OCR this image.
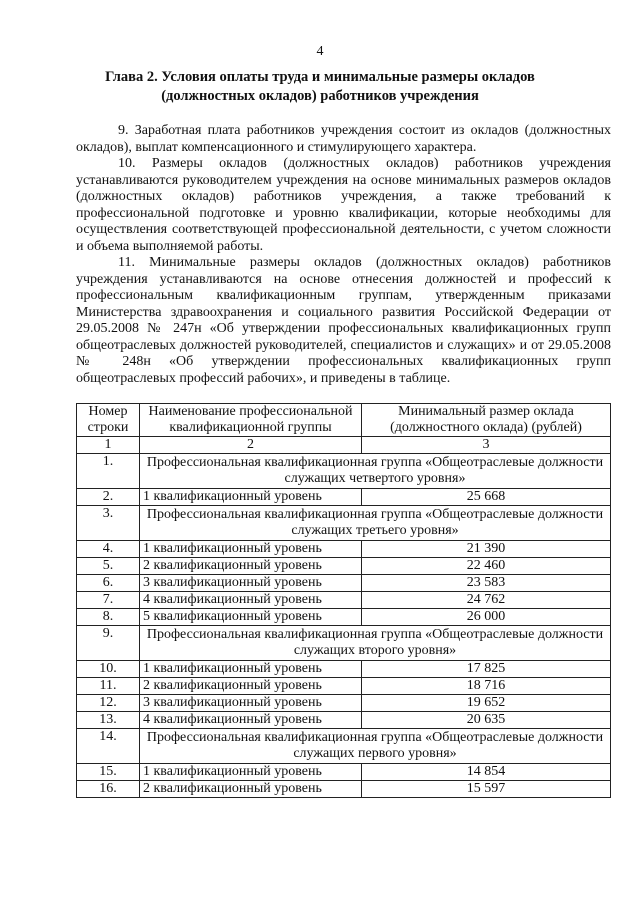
4
Глава 2. Условия оплаты труда и минимальные размеры окладов (должностных окладов) работников учреждения

9. Заработная плата работников учреждения состоит из окладов (должностных окладов), выплат компенсационного и стимулирующего характера.

10. Размеры окладов (должностных окладов) работников учреждения устанавливаются руководителем учреждения на основе минимальных размеров окладов (должностных окладов) работников учреждения, а также требований к профессиональной подготовке и уровню квалификации, которые необходимы для осуществления соответствующей профессиональной деятельности, с учетом сложности и объема выполняемой работы.

11. Минимальные размеры окладов (должностных окладов) работников учреждения устанавливаются на основе отнесения должностей и профессий к профессиональным квалификационным группам, утвержденным приказами Министерства здравоохранения и социального развития Российской Федерации от 29.05.2008 № 247н «Об утверждении профессиональных квалификационных групп общеотраслевых должностей руководителей, специалистов и служащих» и от 29.05.2008 № 248н «Об утверждении профессиональных квалификационных групп общеотраслевых профессий рабочих», и приведены в таблице.

Номер строки	Наименование профессиональной квалификационной группы	Минимальный размер оклада (должностного оклада) (рублей)
1	2	3
1.	Профессиональная квалификационная группа «Общеотраслевые должности служащих четвертого уровня»	
2.	1 квалификационный уровень	25 668
3.	Профессиональная квалификационная группа «Общеотраслевые должности служащих третьего уровня»	
4.	1 квалификационный уровень	21 390
5.	2 квалификационный уровень	22 460
6.	3 квалификационный уровень	23 583
7.	4 квалификационный уровень	24 762
8.	5 квалификационный уровень	26 000
9.	Профессиональная квалификационная группа «Общеотраслевые должности служащих второго уровня»	
10.	1 квалификационный уровень	17 825
11.	2 квалификационный уровень	18 716
12.	3 квалификационный уровень	19 652
13.	4 квалификационный уровень	20 635
14.	Профессиональная квалификационная группа «Общеотраслевые должности служащих первого уровня»	
15.	1 квалификационный уровень	14 854
16.	2 квалификационный уровень	15 597
